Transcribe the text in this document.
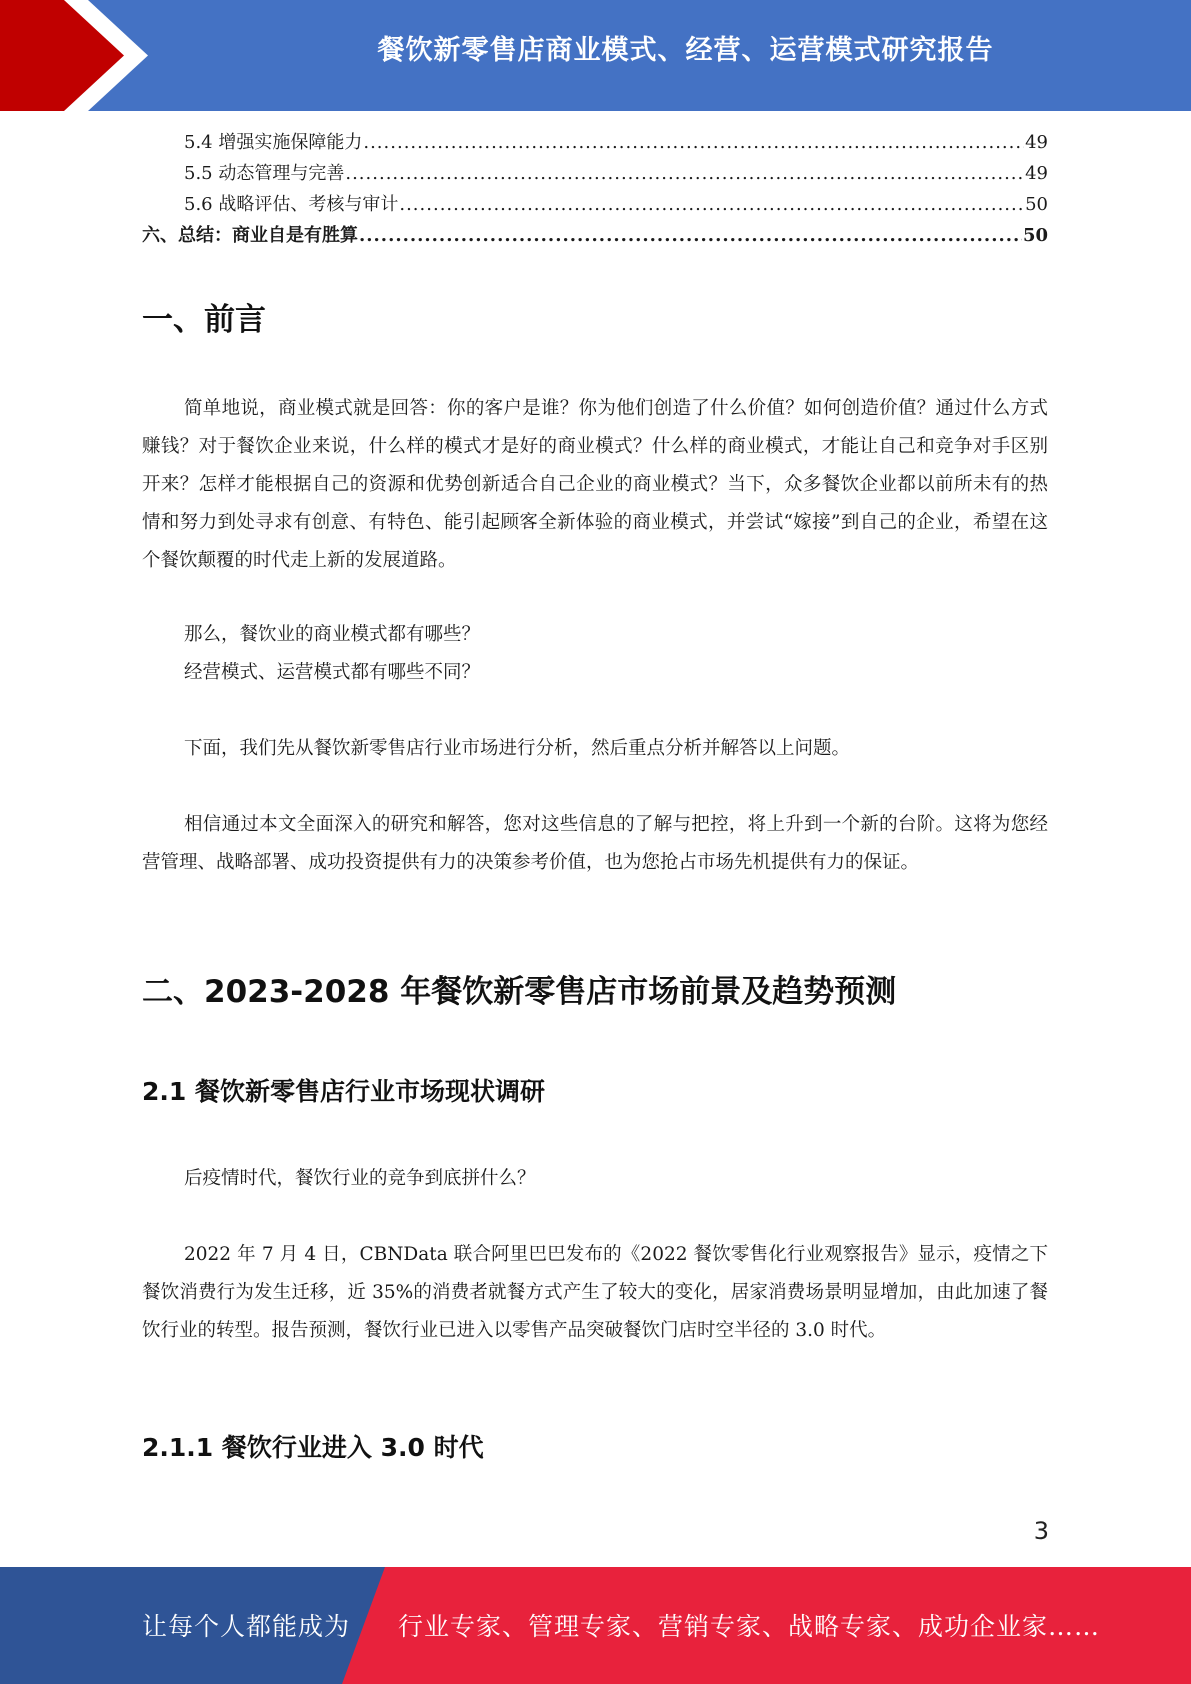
餐饮新零售店商业模式、经营、运营模式研究报告
5.4 增强实施保障能力 .....	49
5.5 动态管理与完善 .....	49
5.6 战略评估、考核与审计 .....	50
六、总结：商业自是有胜算 .....	50
一、前言

简单地说，商业模式就是回答：你的客户是谁？你为他们创造了什么价值？如何创造价值？通过什么方式赚钱？对于餐饮企业来说，什么样的模式才是好的商业模式？什么样的商业模式，才能让自己和竞争对手区别开来？怎样才能根据自己的资源和优势创新适合自己企业的商业模式？当下，众多餐饮企业都以前所未有的热情和努力到处寻求有创意、有特色、能引起顾客全新体验的商业模式，并尝试“嫁接”到自己的企业，希望在这个餐饮颠覆的时代走上新的发展道路。

那么，餐饮业的商业模式都有哪些？

经营模式、运营模式都有哪些不同？

下面，我们先从餐饮新零售店行业市场进行分析，然后重点分析并解答以上问题。

相信通过本文全面深入的研究和解答，您对这些信息的了解与把控，将上升到一个新的台阶。这将为您经营管理、战略部署、成功投资提供有力的决策参考价值，也为您抢占市场先机提供有力的保证。

二、2023-2028 年餐饮新零售店市场前景及趋势预测
2.1 餐饮新零售店行业市场现状调研

后疫情时代，餐饮行业的竞争到底拼什么？

2022 年 7 月 4 日，CBNData 联合阿里巴巴发布的《2022 餐饮零售化行业观察报告》显示，疫情之下餐饮消费行为发生迁移，近 35%的消费者就餐方式产生了较大的变化，居家消费场景明显增加，由此加速了餐饮行业的转型。报告预测，餐饮行业已进入以零售产品突破餐饮门店时空半径的 3.0 时代。

2.1.1 餐饮行业进入 3.0 时代
3
让每个人都能成为 行业专家、管理专家、营销专家、战略专家、成功企业家……
